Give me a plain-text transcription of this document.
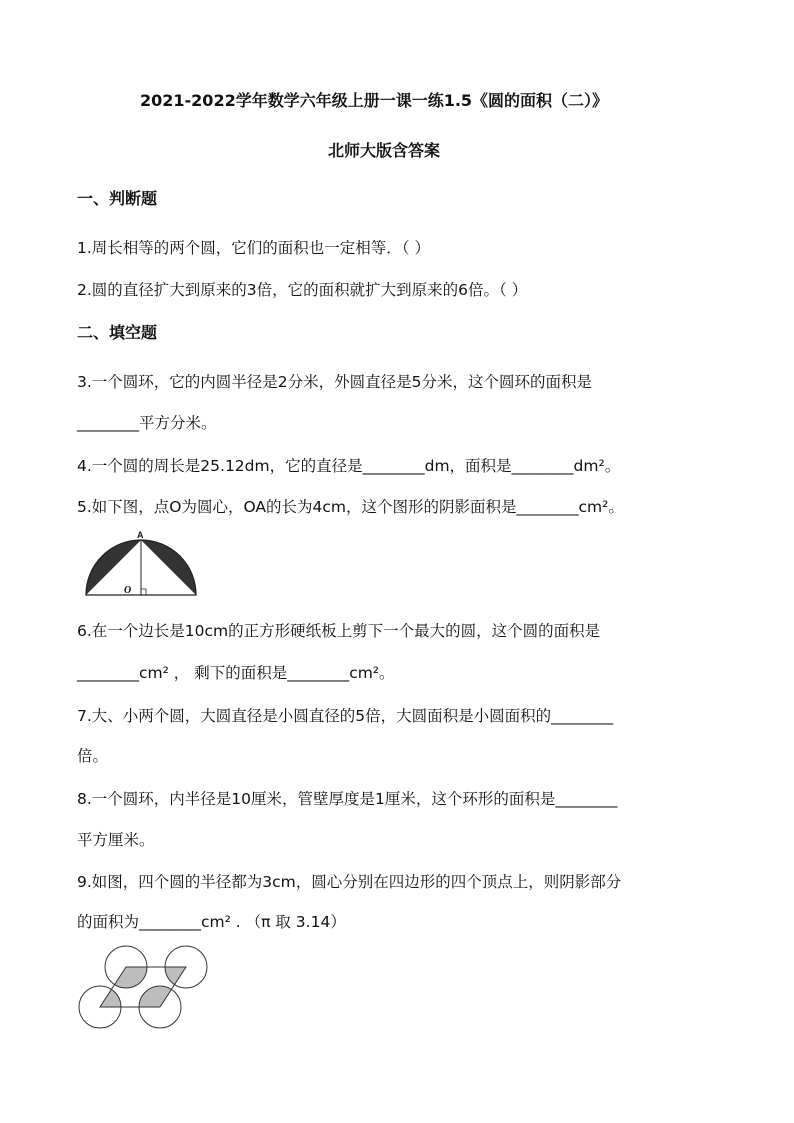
2021-2022学年数学六年级上册一课一练1.5《圆的面积（二）》
北师大版含答案
一、判断题
1.周长相等的两个圆，它们的面积也一定相等．（ ）
2.圆的直径扩大到原来的3倍，它的面积就扩大到原来的6倍。（ ）
二、填空题
3.一个圆环，它的内圆半径是2分米，外圆直径是5分米，这个圆环的面积是
________平方分米。
4.一个圆的周长是25.12dm，它的直径是________dm，面积是________dm²。
5.如下图，点O为圆心，OA的长为4cm，这个图形的阴影面积是________cm²。
A
O
6.在一个边长是10cm的正方形硬纸板上剪下一个最大的圆，这个圆的面积是
________cm² ， 剩下的面积是________cm²。
7.大、小两个圆，大圆直径是小圆直径的5倍，大圆面积是小圆面积的________
倍。
8.一个圆环，内半径是10厘米，管壁厚度是1厘米，这个环形的面积是________
平方厘米。
9.如图，四个圆的半径都为3cm，圆心分别在四边形的四个顶点上，则阴影部分
的面积为________cm² . （π 取 3.14）
